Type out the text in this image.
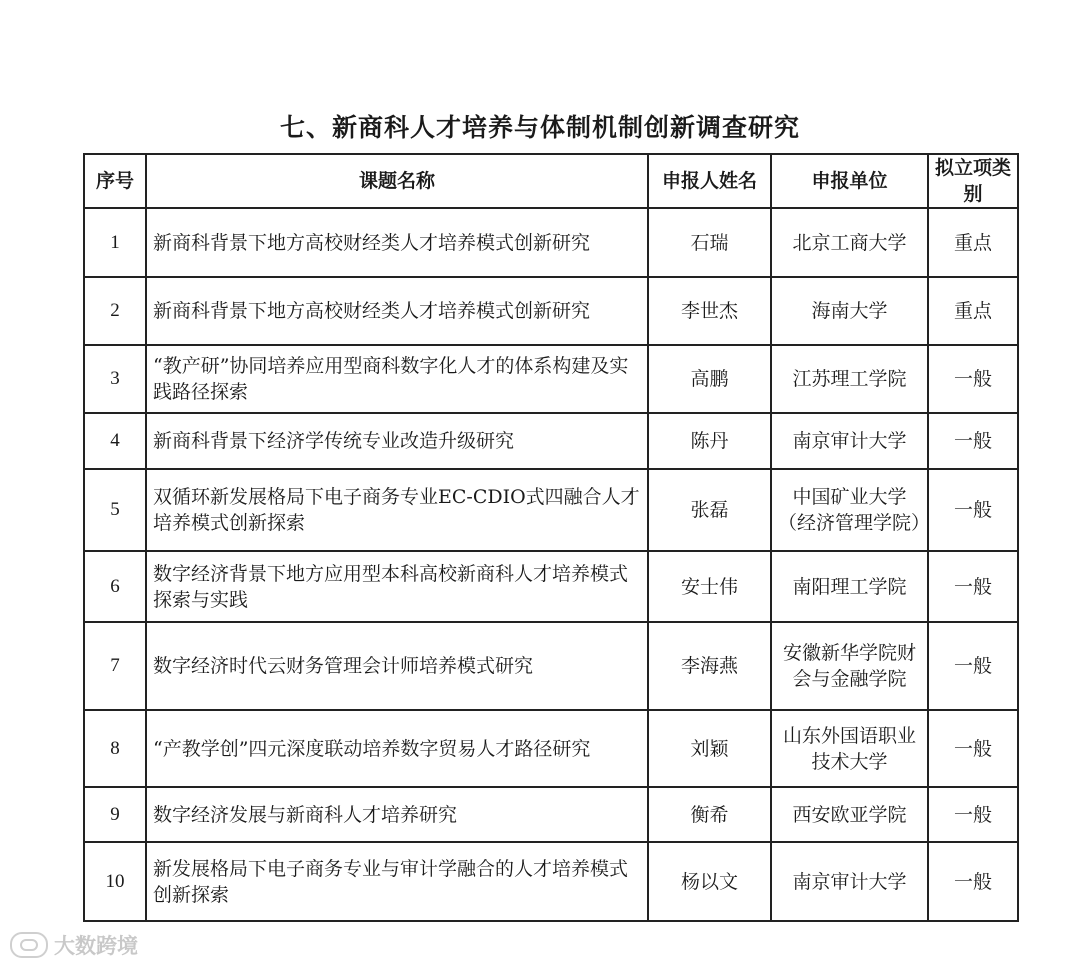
七、新商科人才培养与体制机制创新调查研究
序号	课题名称	申报人姓名	申报单位	拟立项类别
1	新商科背景下地方高校财经类人才培养模式创新研究	石瑞	北京工商大学	重点
2	新商科背景下地方高校财经类人才培养模式创新研究	李世杰	海南大学	重点
3	“教产研”协同培养应用型商科数字化人才的体系构建及实践路径探索	高鹏	江苏理工学院	一般
4	新商科背景下经济学传统专业改造升级研究	陈丹	南京审计大学	一般
5	双循环新发展格局下电子商务专业EC-CDIO式四融合人才培养模式创新探索	张磊	中国矿业大学（经济管理学院）	一般
6	数字经济背景下地方应用型本科高校新商科人才培养模式探索与实践	安士伟	南阳理工学院	一般
7	数字经济时代云财务管理会计师培养模式研究	李海燕	安徽新华学院财会与金融学院	一般
8	“产教学创”四元深度联动培养数字贸易人才路径研究	刘颖	山东外国语职业技术大学	一般
9	数字经济发展与新商科人才培养研究	衡希	西安欧亚学院	一般
10	新发展格局下电子商务专业与审计学融合的人才培养模式创新探索	杨以文	南京审计大学	一般
大数跨境
